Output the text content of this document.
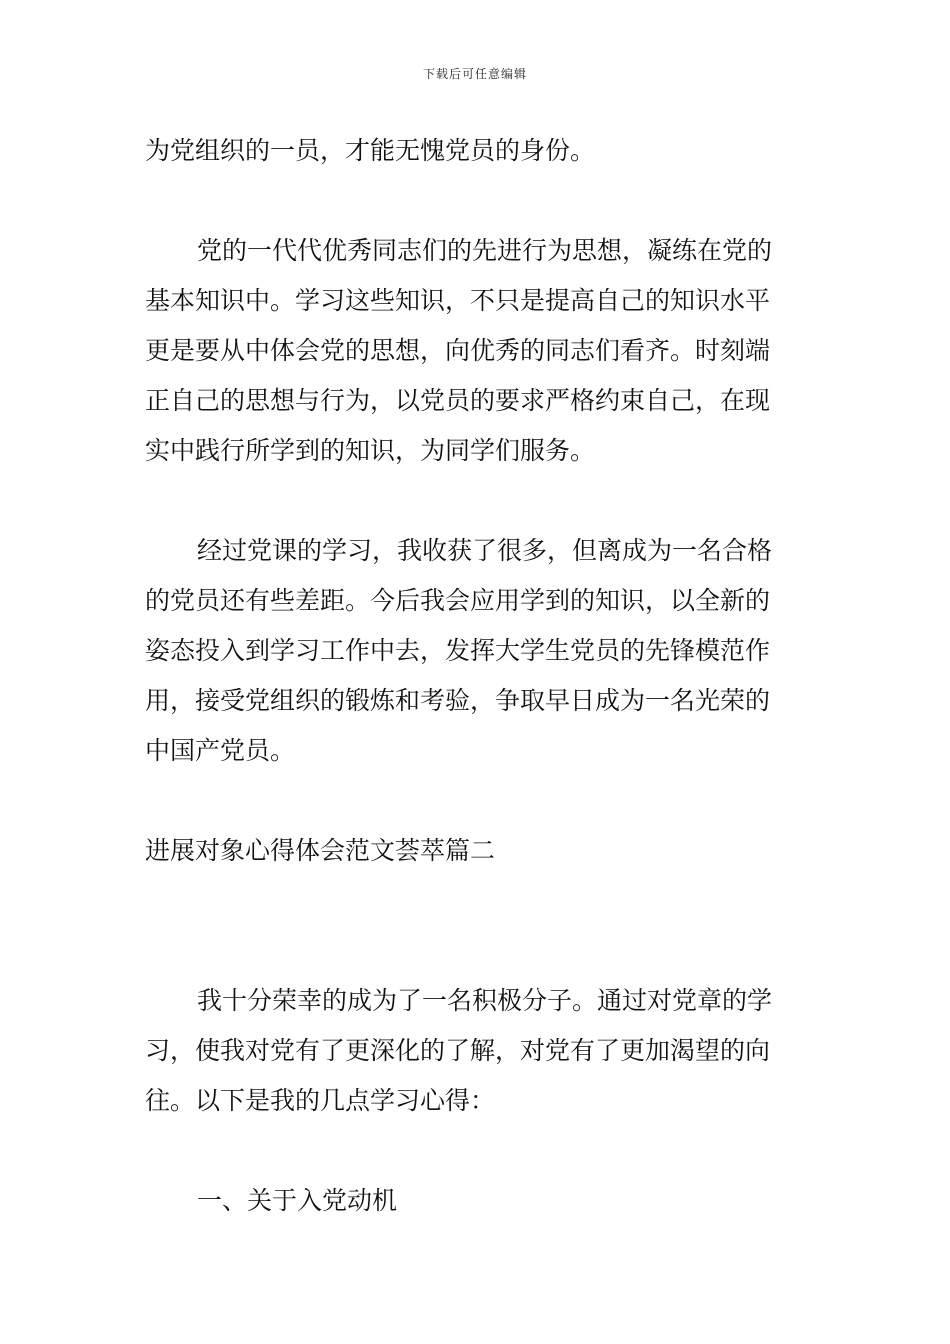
下载后可任意编辑
为党组织的一员，才能无愧党员的身份。
党的一代代优秀同志们的先进行为思想，凝练在党的
基本知识中。学习这些知识，不只是提高自己的知识水平
更是要从中体会党的思想，向优秀的同志们看齐。时刻端
正自己的思想与行为，以党员的要求严格约束自己，在现
实中践行所学到的知识，为同学们服务。
经过党课的学习，我收获了很多，但离成为一名合格
的党员还有些差距。今后我会应用学到的知识，以全新的
姿态投入到学习工作中去，发挥大学生党员的先锋模范作
用，接受党组织的锻炼和考验，争取早日成为一名光荣的
中国产党员。
进展对象心得体会范文荟萃篇二
我十分荣幸的成为了一名积极分子。通过对党章的学
习，使我对党有了更深化的了解，对党有了更加渴望的向
往。以下是我的几点学习心得：
一、关于入党动机
